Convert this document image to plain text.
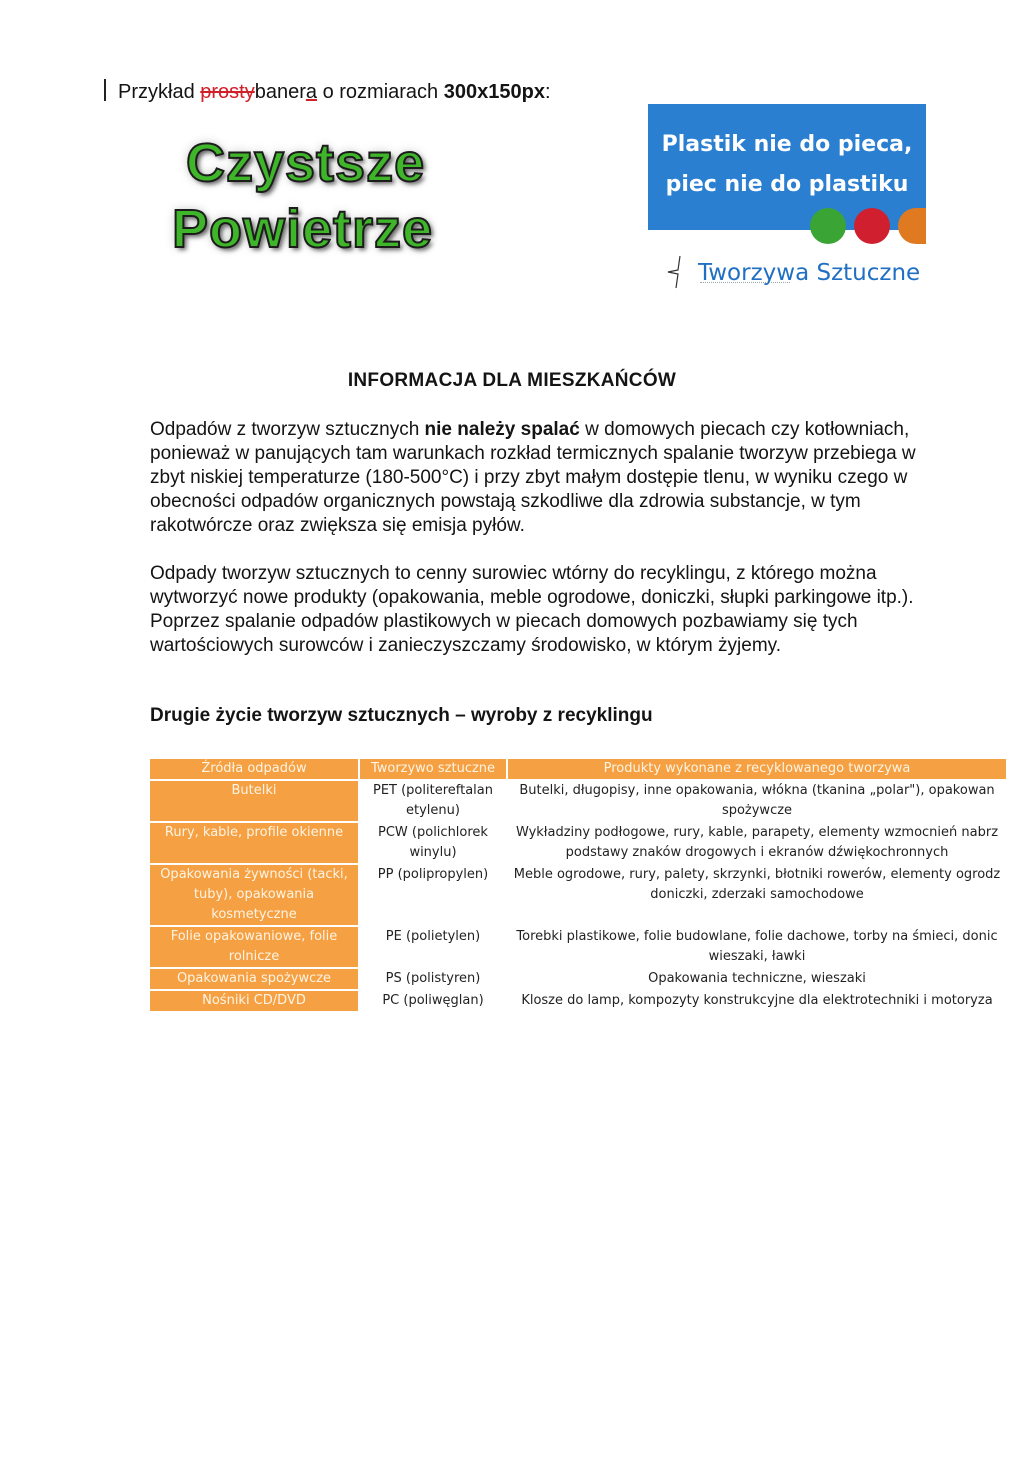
Przykład prostybanera o rozmiarach 300x150px:
Czystsze
Powietrze
Plastik nie do pieca,
piec nie do plastiku
Tworzywa Sztuczne
INFORMACJA DLA MIESZKAŃCÓW
Odpadów z tworzyw sztucznych nie należy spalać w domowych piecach czy kotłowniach, ponieważ w panujących tam warunkach rozkład termicznych spalanie tworzyw przebiega w zbyt niskiej temperaturze (180-500°C) i przy zbyt małym dostępie tlenu, w wyniku czego w obecności odpadów organicznych powstają szkodliwe dla zdrowia substancje, w tym rakotwórcze oraz zwiększa się emisja pyłów.
Odpady tworzyw sztucznych to cenny surowiec wtórny do recyklingu, z którego można wytworzyć nowe produkty (opakowania, meble ogrodowe, doniczki, słupki parkingowe itp.). Poprzez spalanie odpadów plastikowych w piecach domowych pozbawiamy się tych wartościowych surowców i zanieczyszczamy środowisko, w którym żyjemy.
Drugie życie tworzyw sztucznych – wyroby z recyklingu
Źródła odpadów		Tworzywo sztuczne		Produkty wykonane z recyklowanego tworzywa
Butelki		PET (politereftalan etylenu)		Butelki, długopisy, inne opakowania, włókna (tkanina „polar"), opakowan
spożywcze

Rury, kable, profile okienne		PCW (polichlorek winylu)		Wykładziny podłogowe, rury, kable, parapety, elementy wzmocnień nabrz
podstawy znaków drogowych i ekranów dźwiękochronnych

Opakowania żywności (tacki, tuby), opakowania kosmetyczne		PP (polipropylen)		Meble ogrodowe, rury, palety, skrzynki, błotniki rowerów, elementy ogrodz
doniczki, zderzaki samochodowe

Folie opakowaniowe, folie rolnicze		PE (polietylen)		Torebki plastikowe, folie budowlane, folie dachowe, torby na śmieci, donic
wieszaki, ławki

Opakowania spożywcze		PS (polistyren)		Opakowania techniczne, wieszaki
Nośniki CD/DVD		PC (poliwęglan)		Klosze do lamp, kompozyty konstrukcyjne dla elektrotechniki i motoryza
